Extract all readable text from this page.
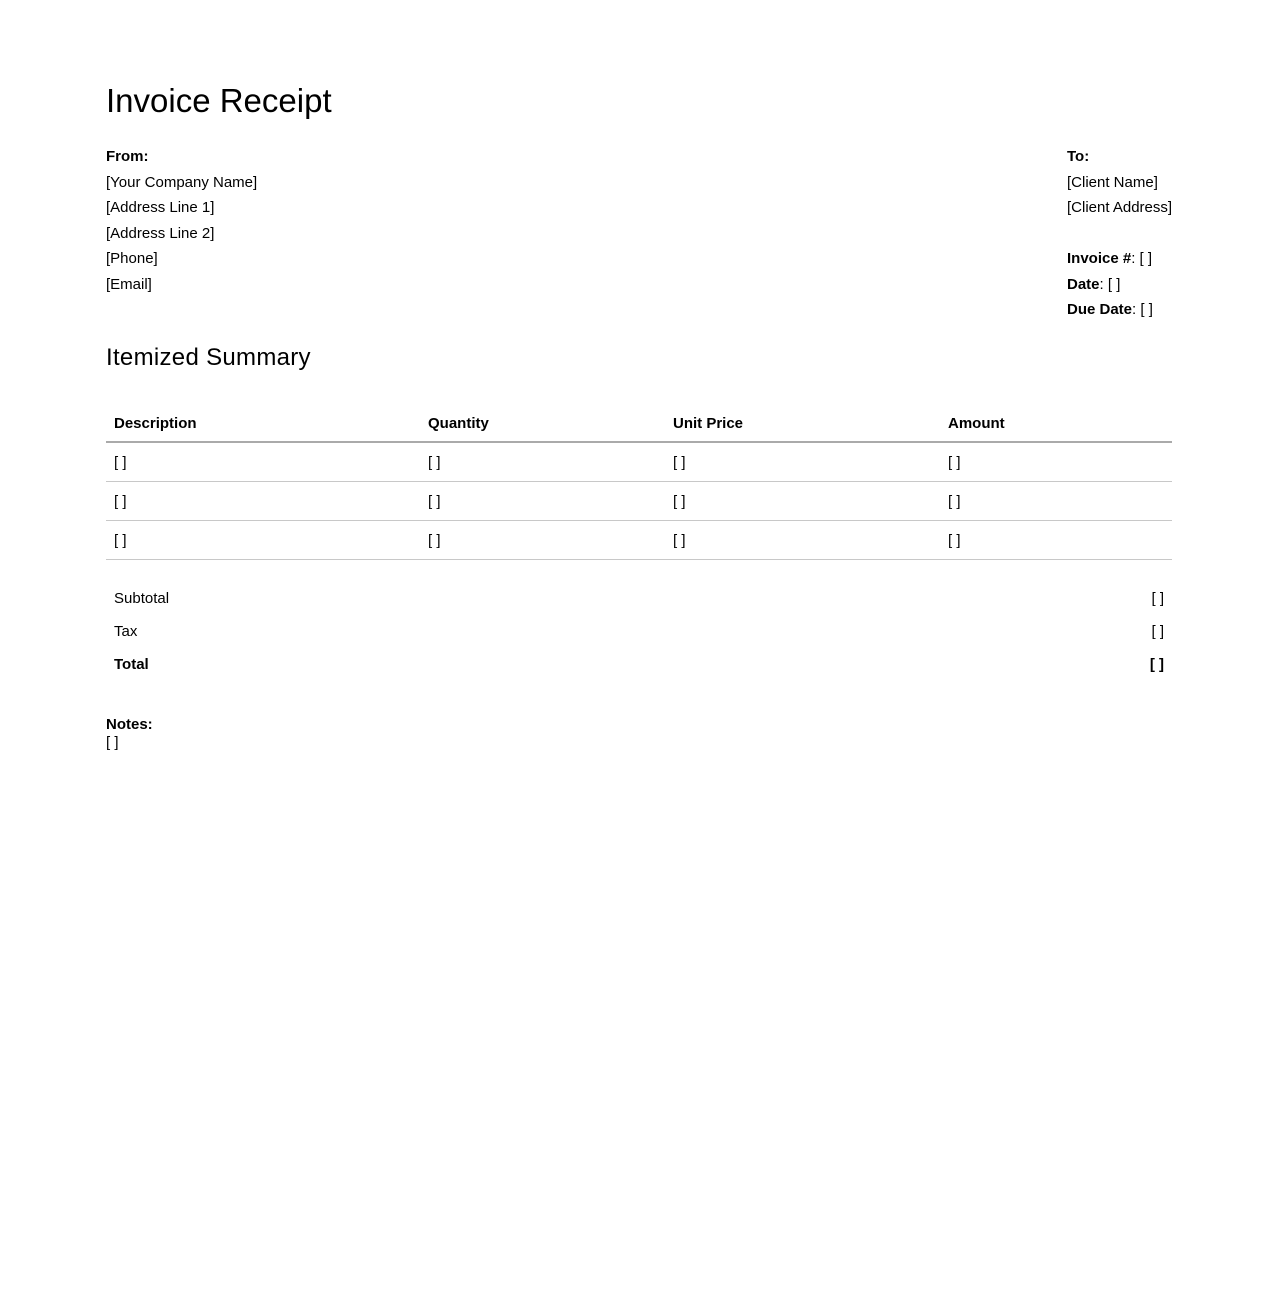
Invoice Receipt
From:
[Your Company Name]
[Address Line 1]
[Address Line 2]
[Phone]
[Email]
To:
[Client Name]
[Client Address]

Invoice #: [ ]
Date: [ ]
Due Date: [ ]
Itemized Summary
Description	Quantity	Unit Price	Amount
[ ]	[ ]	[ ]	[ ]
[ ]	[ ]	[ ]	[ ]
[ ]	[ ]	[ ]	[ ]
Subtotal	[ ]
Tax	[ ]
Total	[ ]
Notes:
[ ]
